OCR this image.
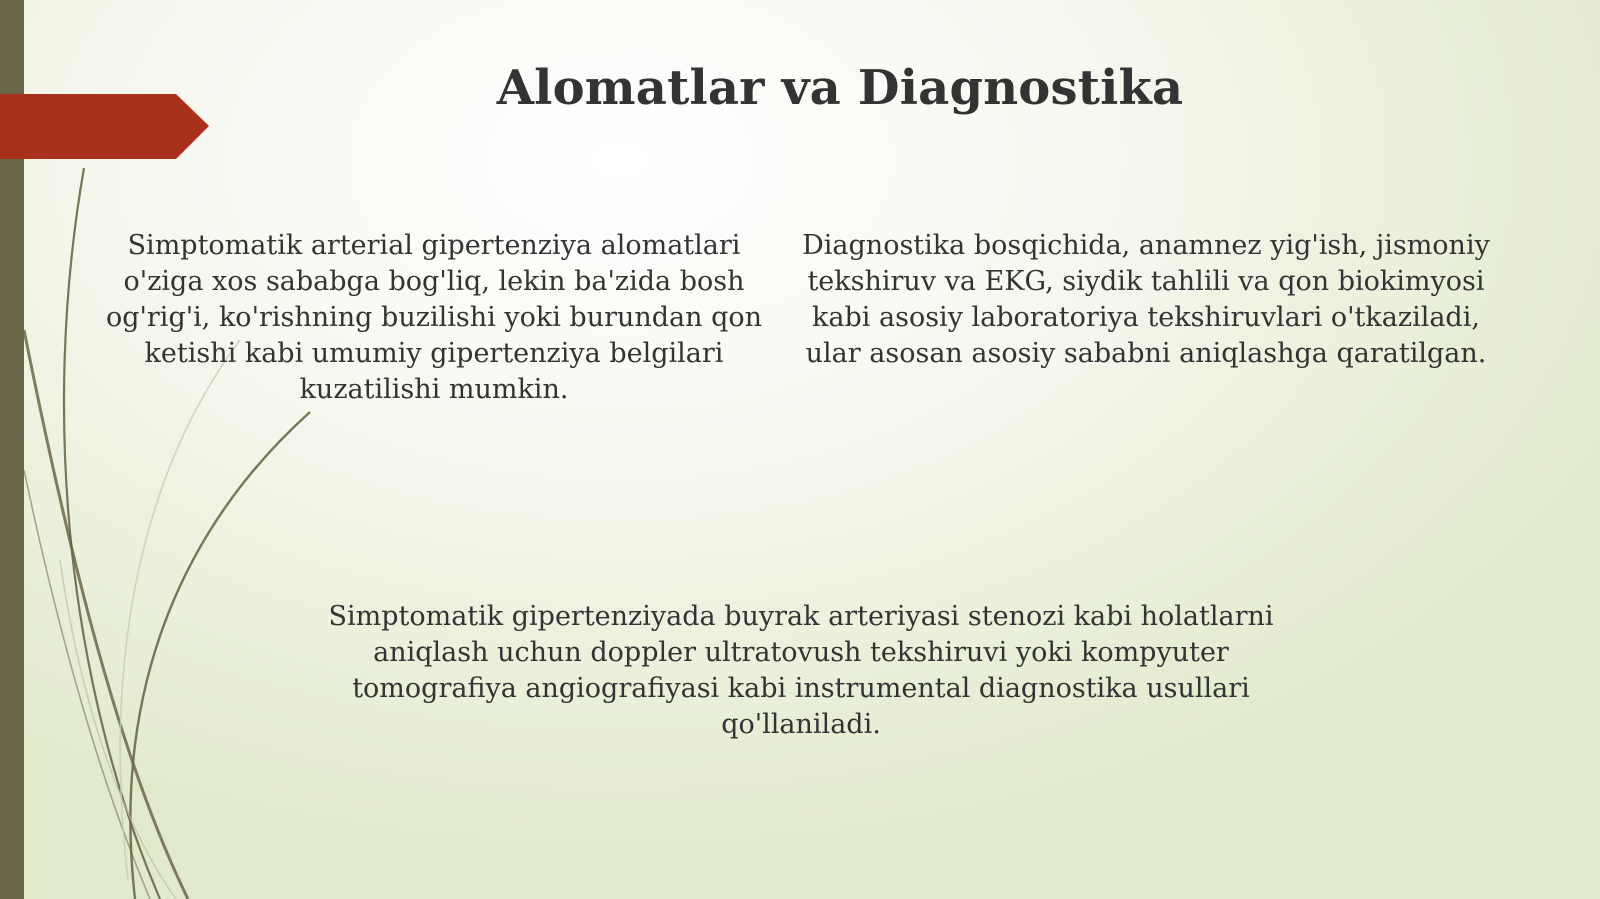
Alomatlar va Diagnostika

Simptomatik arterial gipertenziya alomatlari o'ziga xos sababga bog'liq, lekin ba'zida bosh og'rig'i, ko'rishning buzilishi yoki burundan qon ketishi kabi umumiy gipertenziya belgilari kuzatilishi mumkin.

Diagnostika bosqichida, anamnez yig'ish, jismoniy tekshiruv va EKG, siydik tahlili va qon biokimyosi kabi asosiy laboratoriya tekshiruvlari o'tkaziladi, ular asosan asosiy sababni aniqlashga qaratilgan.

Simptomatik gipertenziyada buyrak arteriyasi stenozi kabi holatlarni aniqlash uchun doppler ultratovush tekshiruvi yoki kompyuter tomografiya angiografiyasi kabi instrumental diagnostika usullari qo'llaniladi.
